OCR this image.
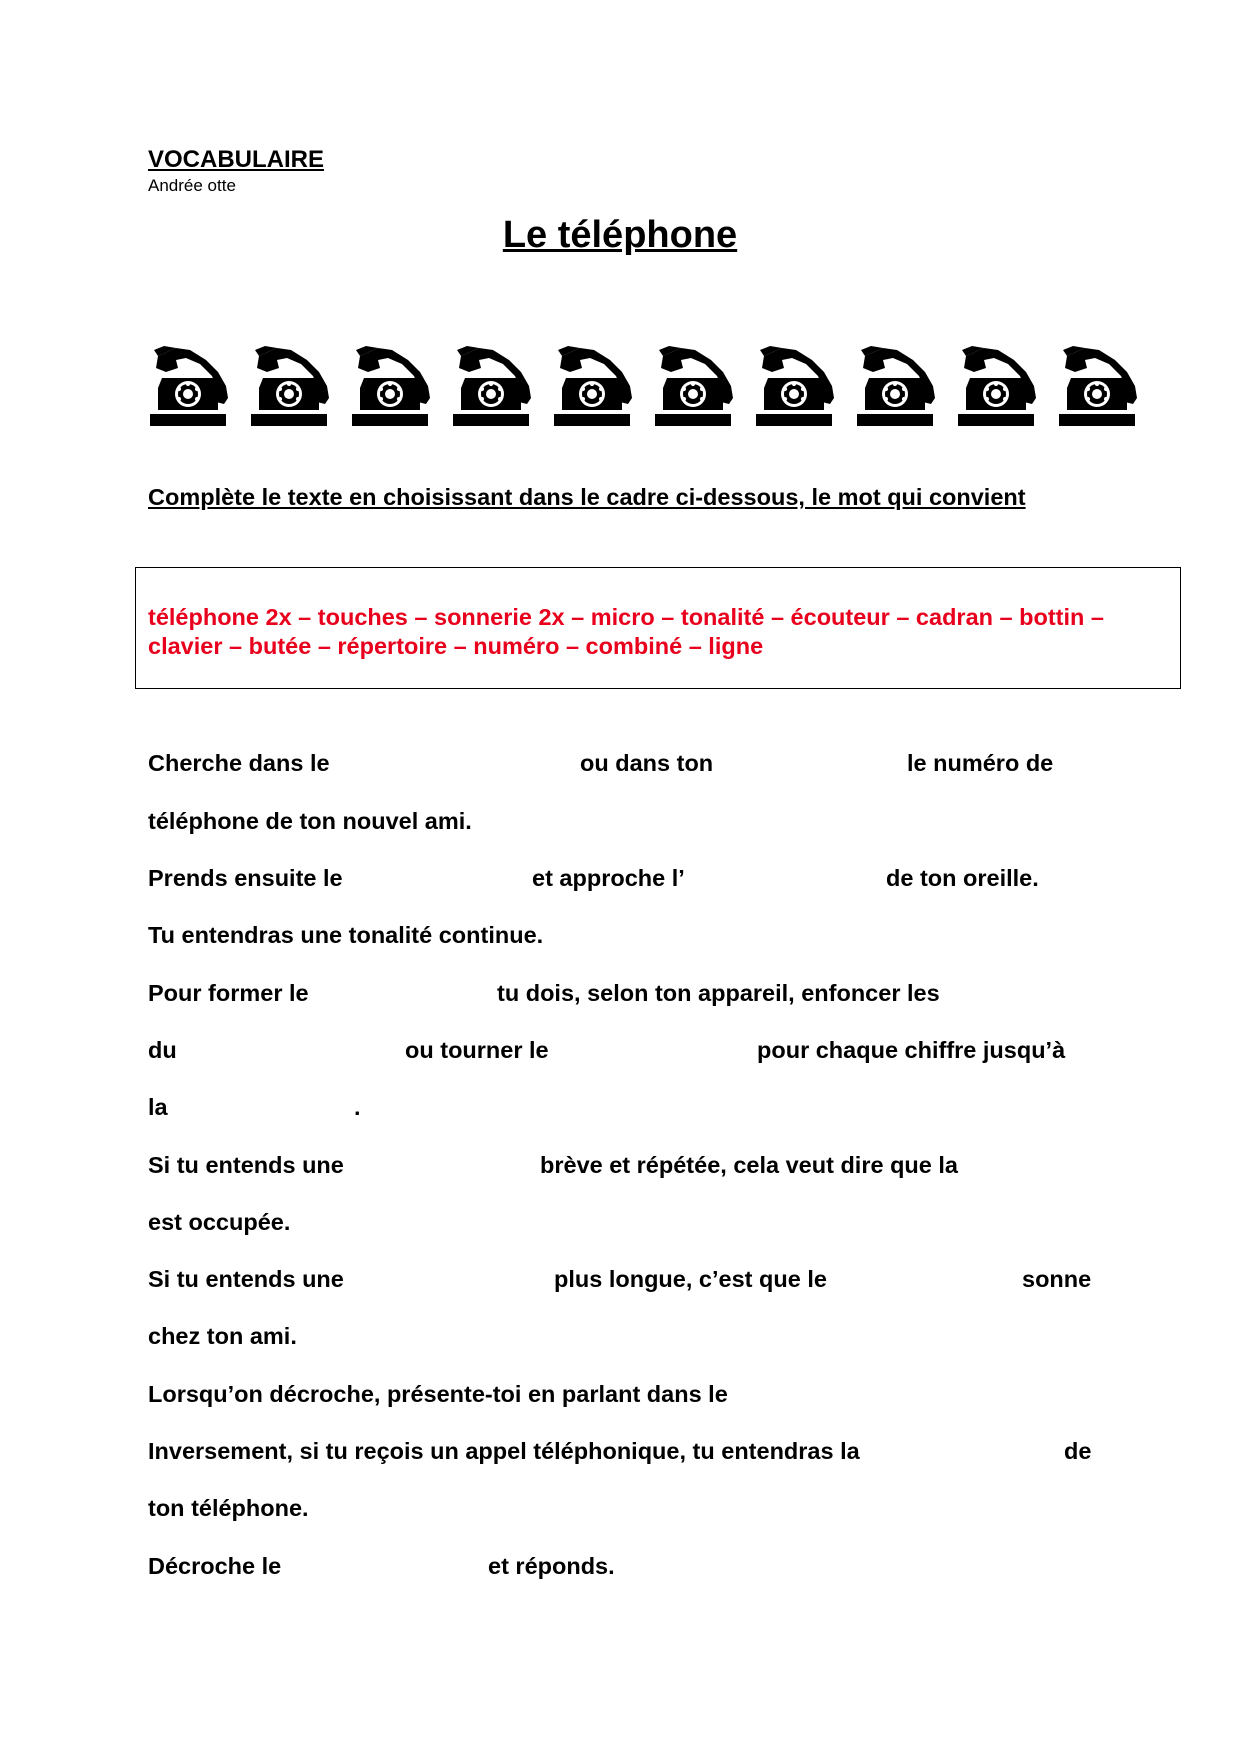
VOCABULAIRE
Andrée otte
Le téléphone
Complète le texte en choisissant dans le cadre ci-dessous, le mot qui convient
téléphone 2x – touches – sonnerie 2x – micro – tonalité – écouteur – cadran – bottin –
clavier – butée – répertoire – numéro – combiné – ligne
Cherche dans le	ou dans ton	le numéro de
téléphone de ton nouvel ami.
Prends ensuite le	et approche l’	de ton oreille.
Tu entendras une tonalité continue.
Pour former le	tu dois, selon ton appareil, enfoncer les
du	ou tourner le	pour chaque chiffre jusqu’à
la	.
Si tu entends une	brève et répétée, cela veut dire que la
est occupée.
Si tu entends une	plus longue, c’est que le	sonne
chez ton ami.
Lorsqu’on décroche, présente-toi en parlant dans le
Inversement, si tu reçois un appel téléphonique, tu entendras la	de
ton téléphone.
Décroche le	et réponds.
